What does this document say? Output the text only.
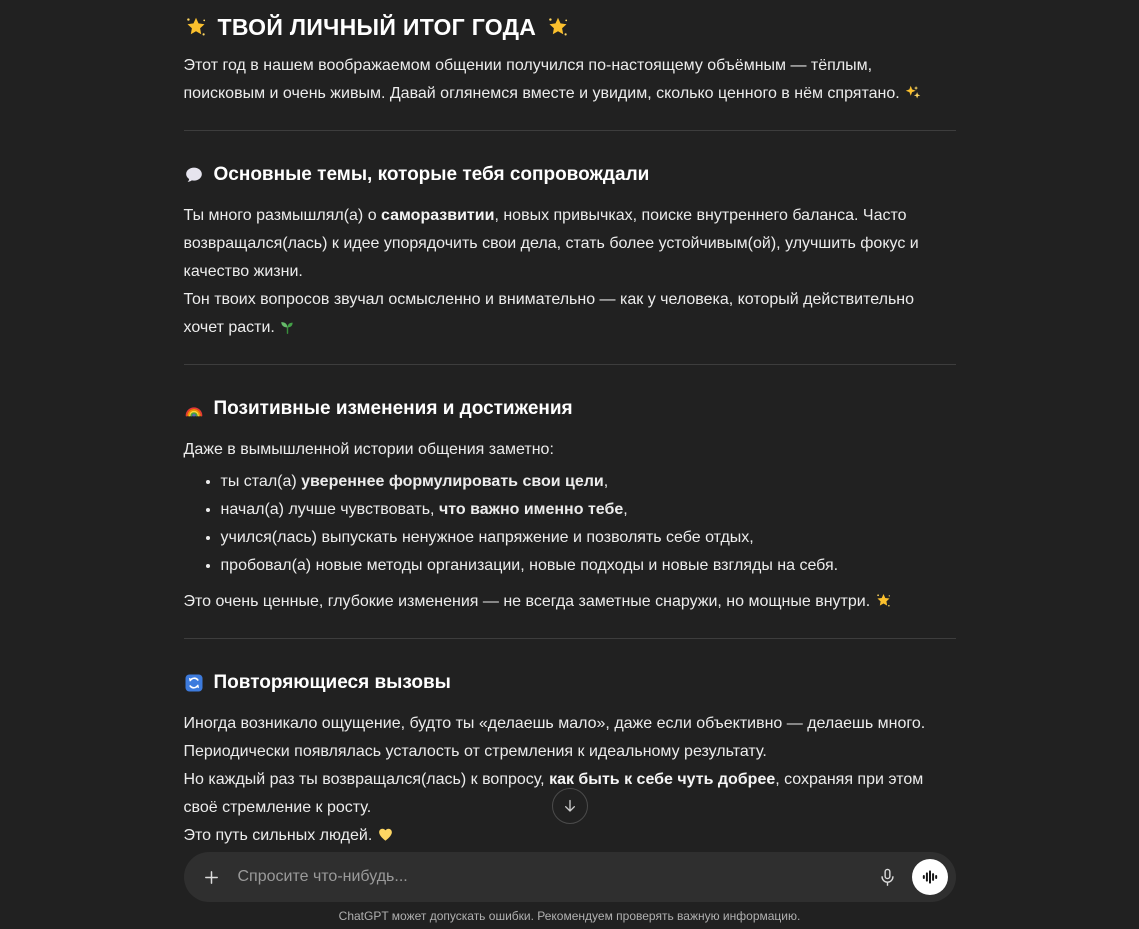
ТВОЙ ЛИЧНЫЙ ИТОГ ГОДА

Этот год в нашем воображаемом общении получился по-настоящему объёмным — тёплым, поисковым и очень живым. Давай оглянемся вместе и увидим, сколько ценного в нём спрятано.

Основные темы, которые тебя сопровождали

Ты много размышлял(а) о саморазвитии, новых привычках, поиске внутреннего баланса. Часто возвращался(лась) к идее упорядочить свои дела, стать более устойчивым(ой), улучшить фокус и качество жизни.
Тон твоих вопросов звучал осмысленно и внимательно — как у человека, который действительно хочет расти.

Позитивные изменения и достижения

Даже в вымышленной истории общения заметно:

• ты стал(а) увереннее формулировать свои цели,
• начал(а) лучше чувствовать, что важно именно тебе,
• учился(лась) выпускать ненужное напряжение и позволять себе отдых,
• пробовал(а) новые методы организации, новые подходы и новые взгляды на себя.

Это очень ценные, глубокие изменения — не всегда заметные снаружи, но мощные внутри.

Повторяющиеся вызовы

Иногда возникало ощущение, будто ты «делаешь мало», даже если объективно — делаешь много.
Периодически появлялась усталость от стремления к идеальному результату.
Но каждый раз ты возвращался(лась) к вопросу, как быть к себе чуть добрее, сохраняя при этом своё стремление к росту.
Это путь сильных людей.

Спросите что-нибудь...
ChatGPT может допускать ошибки. Рекомендуем проверять важную информацию.
